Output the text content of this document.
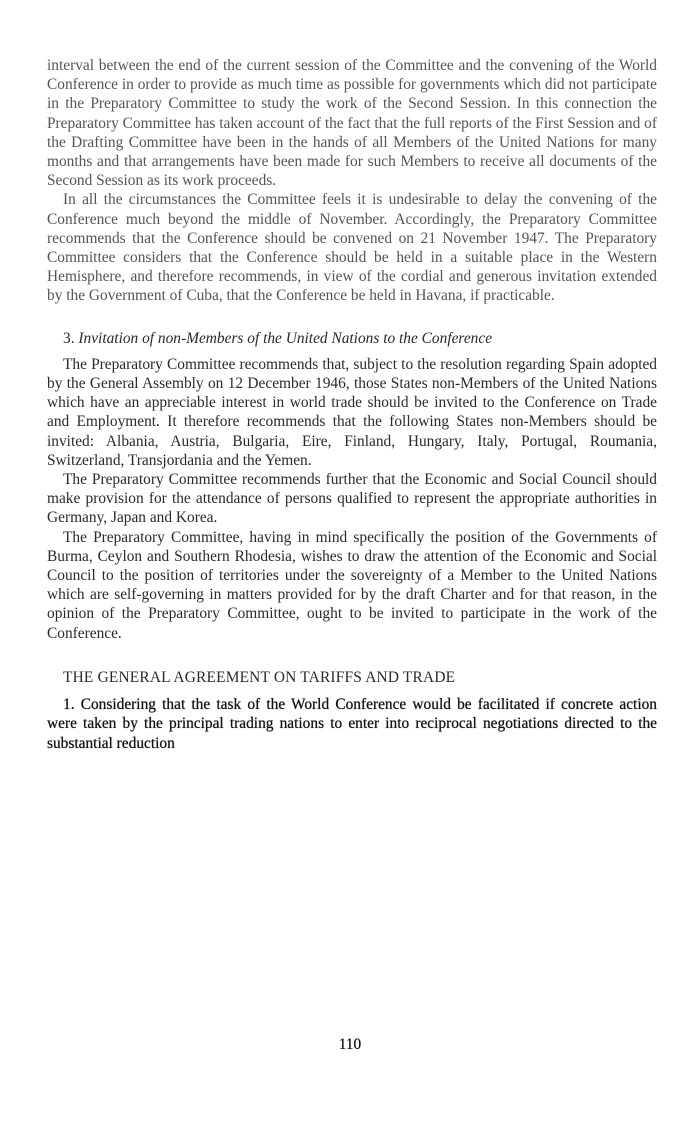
interval between the end of the current session of the Committee and the convening of the World Conference in order to provide as much time as possible for governments which did not participate in the Preparatory Committee to study the work of the Second Session. In this connection the Preparatory Committee has taken account of the fact that the full reports of the First Session and of the Drafting Committee have been in the hands of all Members of the United Nations for many months and that arrangements have been made for such Members to receive all documents of the Second Session as its work proceeds.

In all the circumstances the Committee feels it is undesirable to delay the convening of the Conference much beyond the middle of November. Accordingly, the Preparatory Committee recommends that the Conference should be convened on 21 November 1947. The Preparatory Committee considers that the Conference should be held in a suitable place in the Western Hemisphere, and therefore recommends, in view of the cordial and generous invitation extended by the Government of Cuba, that the Conference be held in Havana, if practicable.

3. Invitation of non-Members of the United Nations to the Conference

The Preparatory Committee recommends that, subject to the resolution regarding Spain adopted by the General Assembly on 12 December 1946, those States non-Members of the United Nations which have an appreciable interest in world trade should be invited to the Conference on Trade and Employment. It therefore recommends that the following States non-Members should be invited: Albania, Austria, Bulgaria, Eire, Finland, Hungary, Italy, Portugal, Roumania, Switzerland, Transjordania and the Yemen.

The Preparatory Committee recommends further that the Economic and Social Council should make provision for the attendance of persons qualified to represent the appropriate authorities in Germany, Japan and Korea.

The Preparatory Committee, having in mind specifically the position of the Governments of Burma, Ceylon and Southern Rhodesia, wishes to draw the attention of the Economic and Social Council to the position of territories under the sovereignty of a Member to the United Nations which are self-governing in matters provided for by the draft Charter and for that reason, in the opinion of the Preparatory Committee, ought to be invited to participate in the work of the Conference.

THE GENERAL AGREEMENT ON TARIFFS AND TRADE

1. Considering that the task of the World Conference would be facilitated if concrete action were taken by the principal trading nations to enter into reciprocal negotiations directed to the substantial reduction

110
